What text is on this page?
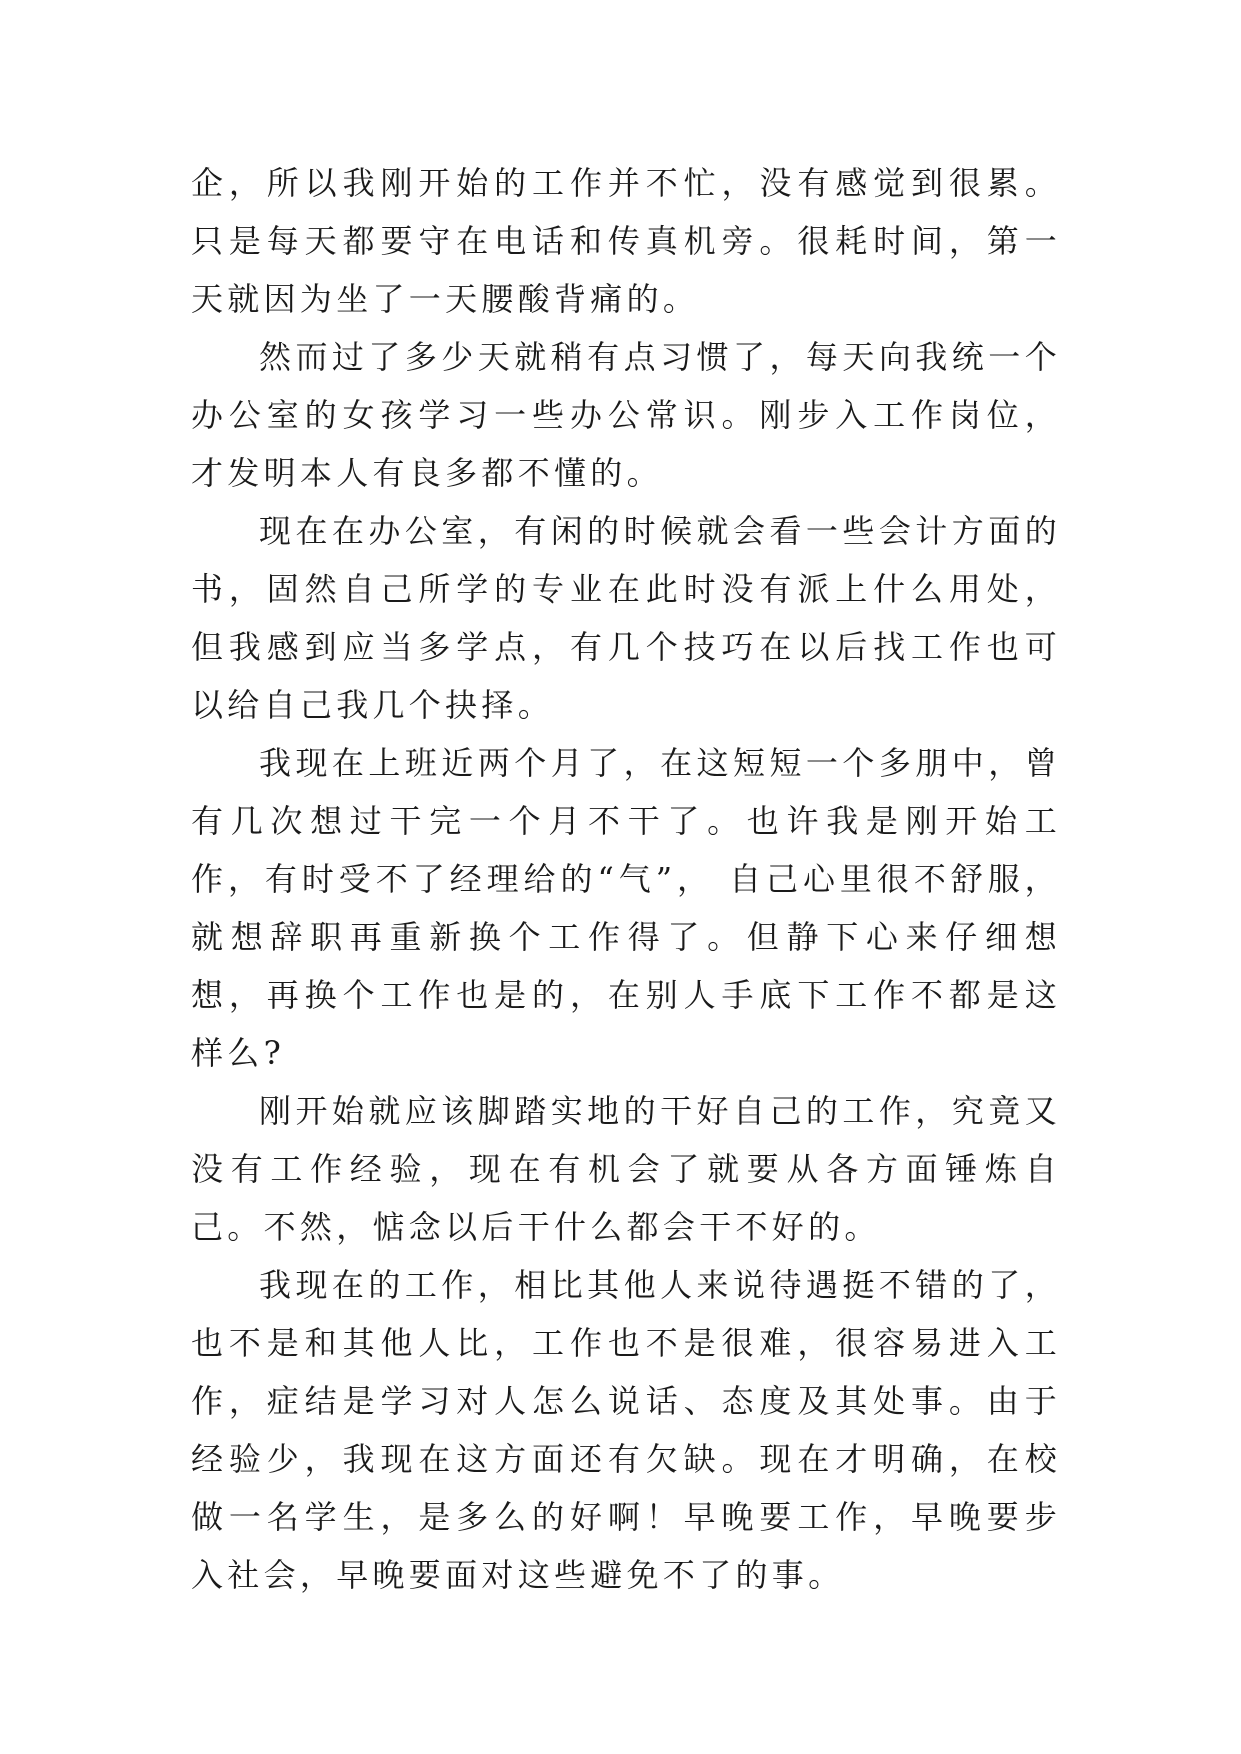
企，所以我刚开始的工作并不忙，没有感觉到很累。只是每天都要守在电话和传真机旁。很耗时间，第一天就因为坐了一天腰酸背痛的。

然而过了多少天就稍有点习惯了，每天向我统一个办公室的女孩学习一些办公常识。刚步入工作岗位，才发明本人有良多都不懂的。

现在在办公室，有闲的时候就会看一些会计方面的书，固然自己所学的专业在此时没有派上什么用处，但我感到应当多学点，有几个技巧在以后找工作也可以给自己我几个抉择。

我现在上班近两个月了，在这短短一个多朋中，曾有几次想过干完一个月不干了。也许我是刚开始工作，有时受不了经理给的“气”， 自己心里很不舒服，就想辞职再重新换个工作得了。但静下心来仔细想想，再换个工作也是的，在别人手底下工作不都是这样么?

刚开始就应该脚踏实地的干好自己的工作，究竟又没有工作经验，现在有机会了就要从各方面锤炼自己。不然，惦念以后干什么都会干不好的。

我现在的工作，相比其他人来说待遇挺不错的了，也不是和其他人比，工作也不是很难，很容易进入工作，症结是学习对人怎么说话、态度及其处事。由于经验少，我现在这方面还有欠缺。现在才明确，在校做一名学生，是多么的好啊！早晚要工作，早晚要步入社会，早晚要面对这些避免不了的事。
